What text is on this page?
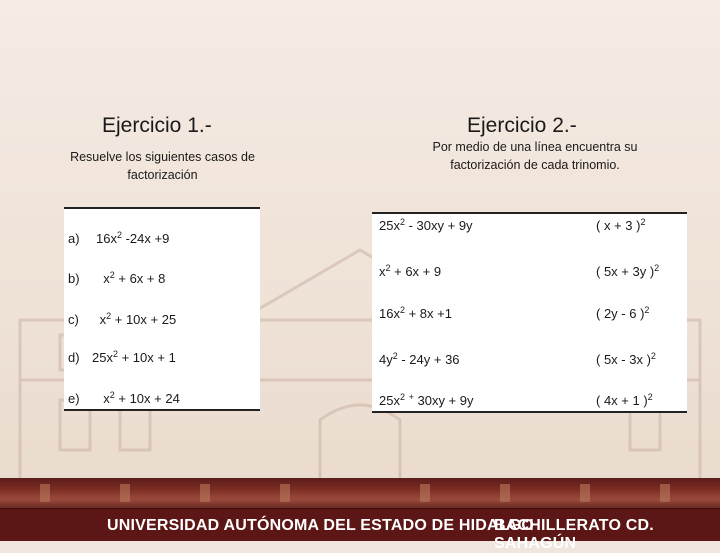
Ejercicio 1.-	Ejercicio 2.-

Resuelve los siguientes casos de factorización

Por medio de una línea encuentra su factorización de cada trinomio.

a) $16x^2$ -24x +9
b)  $x^2 + 6x + 8$
c) $x^2 + 10x + 25$
d) $25x^2 + 10x + 1$
e)  $x^2 + 10x + 24$
$25x^2 - 30xy + 9y$	( x + 3 )$^2$
$x^2 + 6x + 9$	( 5x + 3y )$^2$
$16x^2 + 8x +1$	( 2y - 6 )$^2$
$4y^2 - 24y + 36$	( 5x - 3x )$^2$
$25x^2$ + 30xy + 9y	( 4x + 1 )$^2$
UNIVERSIDAD AUTÓNOMA DEL ESTADO DE HIDALGO
BACHILLERATO CD. SAHAGÚN
